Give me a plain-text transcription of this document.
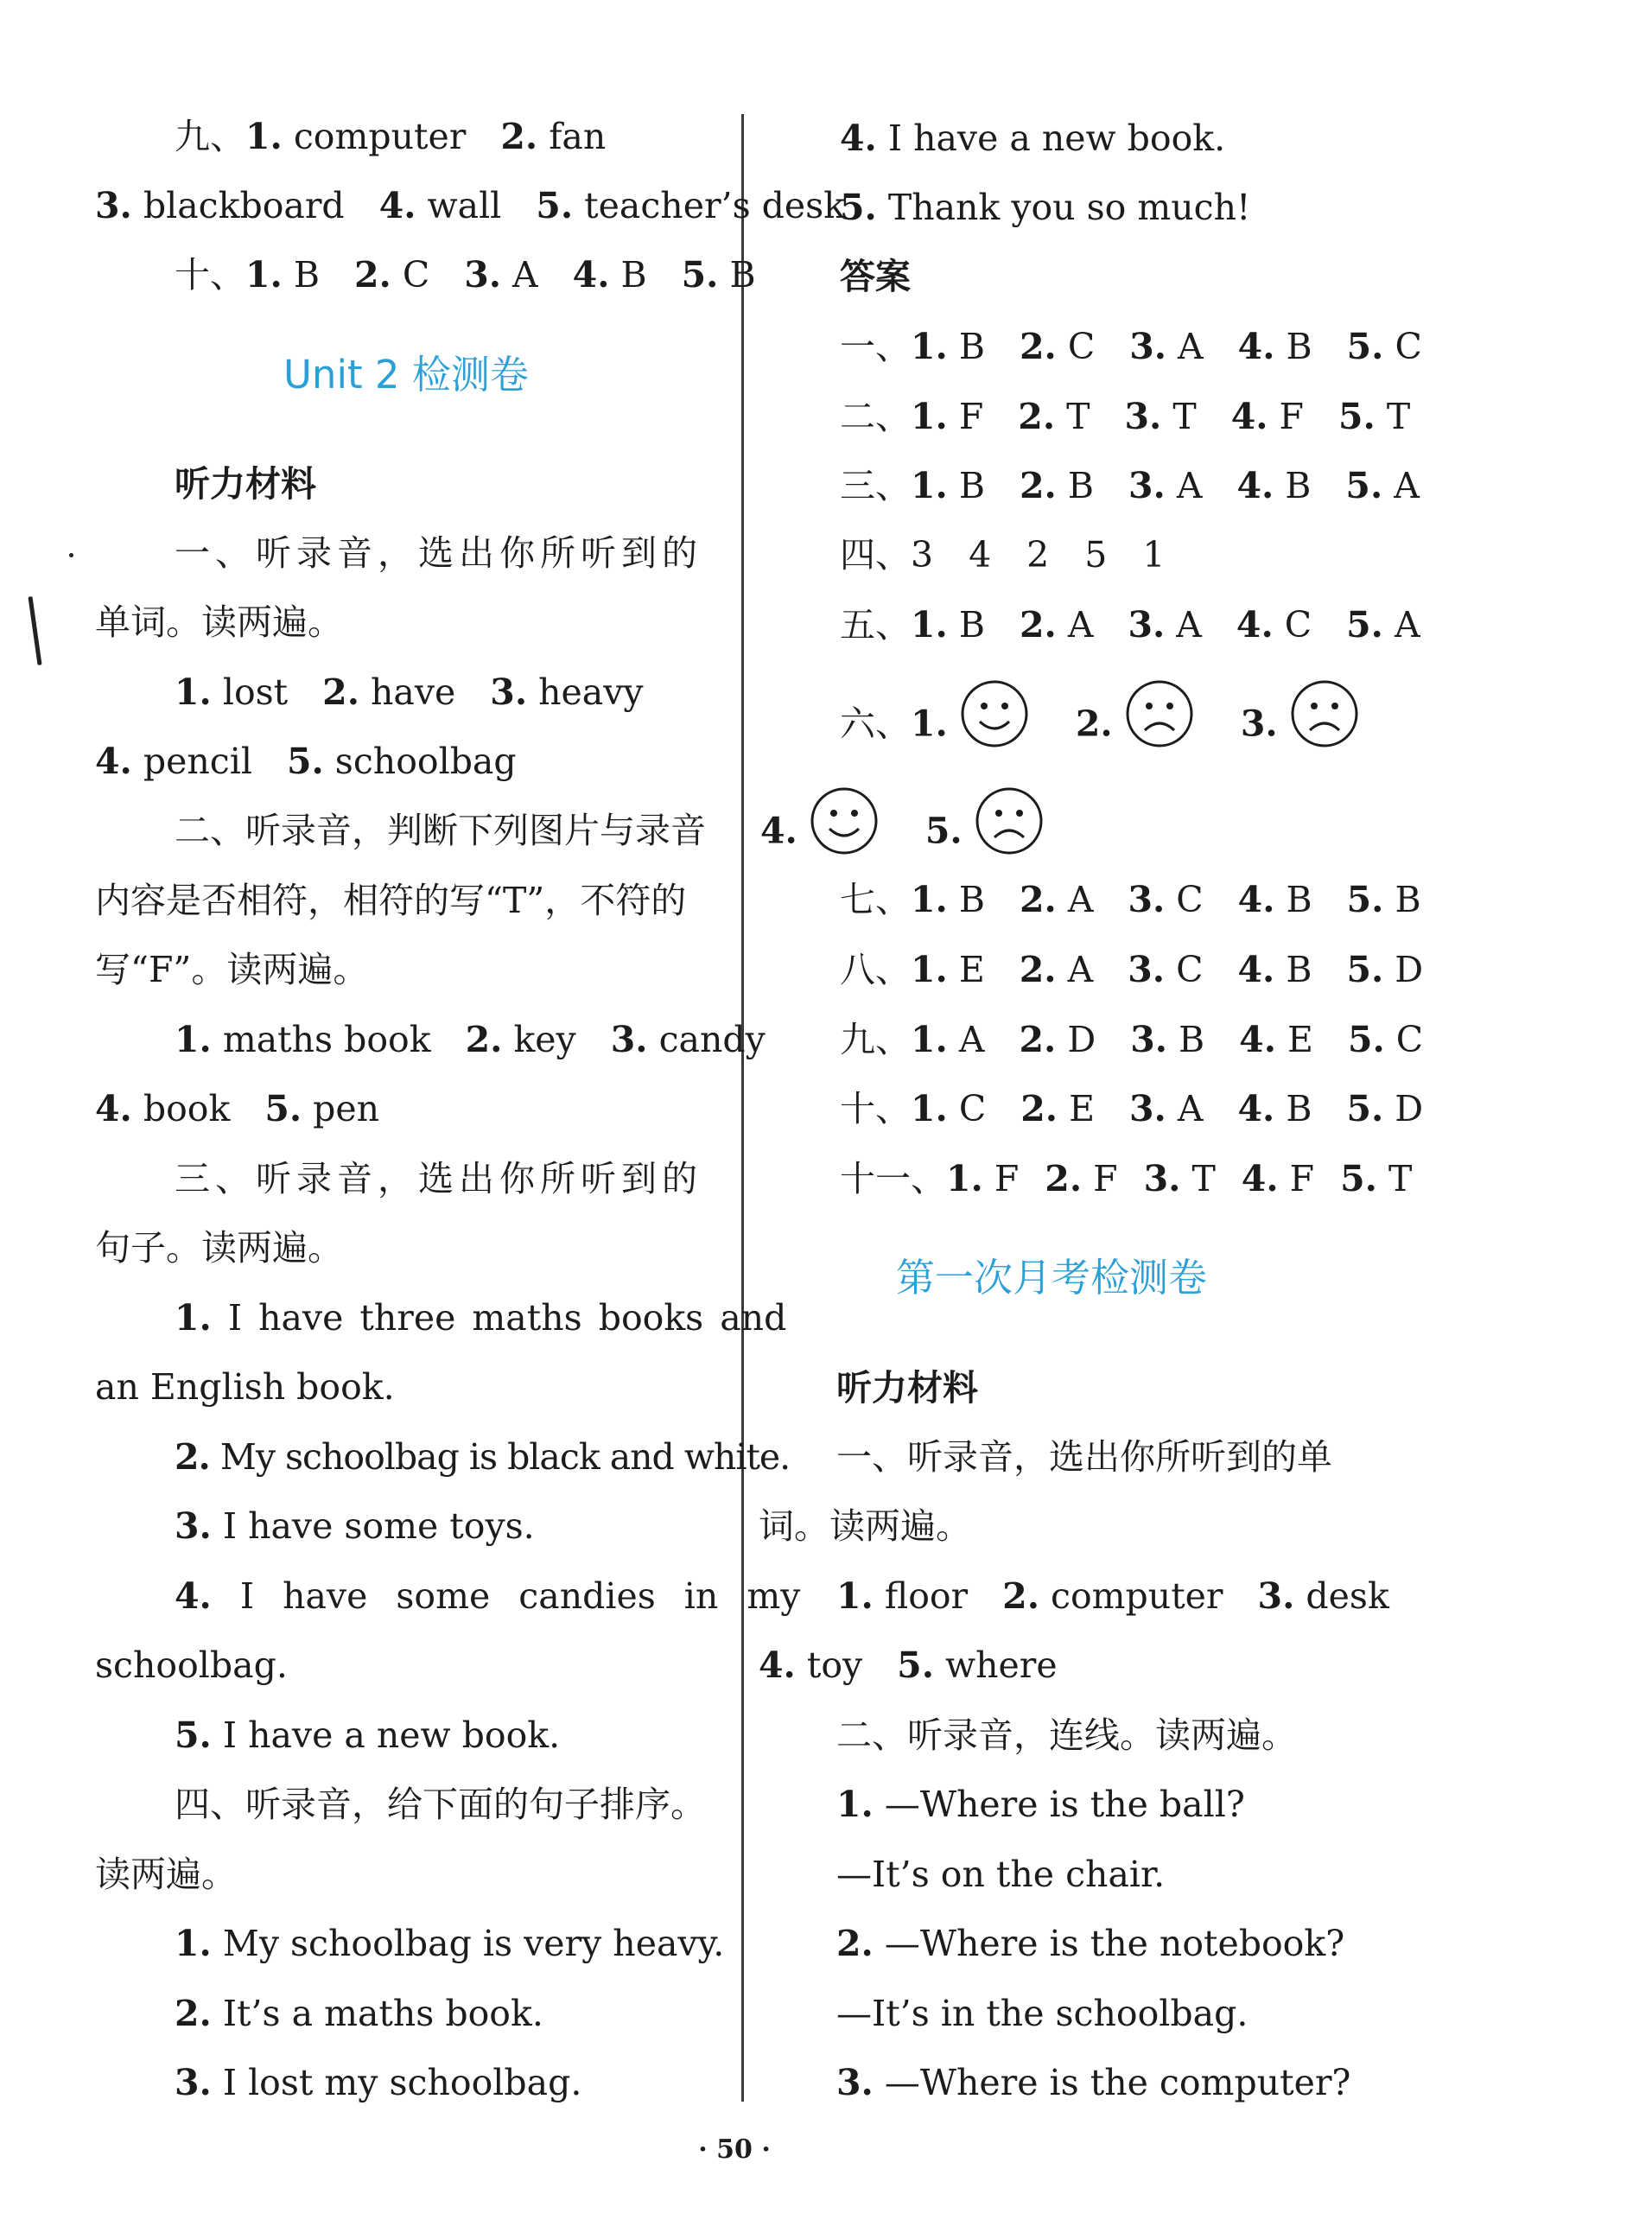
九、1. computer 2. fan
3. blackboard 4. wall 5. teacher’s desk
十、1. B 2. C 3. A 4. B 5. B
Unit 2 检测卷
听力材料
一、听录音，选出你所听到的
单词。读两遍。
1. lost 2. have 3. heavy
4. pencil 5. schoolbag
二、听录音，判断下列图片与录音
内容是否相符，相符的写“T”，不符的
写“F”。读两遍。
1. maths book 2. key 3. candy
4. book 5. pen
三、听录音，选出你所听到的
句子。读两遍。
1. I have three maths books and
an English book.
2. My schoolbag is black and white.
3. I have some toys.
4. I have some candies in my
schoolbag.
5. I have a new book.
四、听录音，给下面的句子排序。
读两遍。
1. My schoolbag is very heavy.
2. It’s a maths book.
3. I lost my schoolbag.
4. I have a new book.
5. Thank you so much!
答案
一、1. B 2. C 3. A 4. B 5. C
二、1. F 2. T 3. T 4. F 5. T
三、1. B 2. B 3. A 4. B 5. A
四、3　4　2　5　1
五、1. B 2. A 3. A 4. C 5. A
六、1.	2.	3.
4.	5.
七、1. B 2. A 3. C 4. B 5. B
八、1. E 2. A 3. C 4. B 5. D
九、1. A 2. D 3. B 4. E 5. C
十、1. C 2. E 3. A 4. B 5. D
十一、1. F 2. F 3. T 4. F 5. T
第一次月考检测卷
听力材料
一、听录音，选出你所听到的单
词。读两遍。
1. floor 2. computer 3. desk
4. toy 5. where
二、听录音，连线。读两遍。
1. —Where is the ball?
—It’s on the chair.
2. —Where is the notebook?
—It’s in the schoolbag.
3. —Where is the computer?
· 50 ·
